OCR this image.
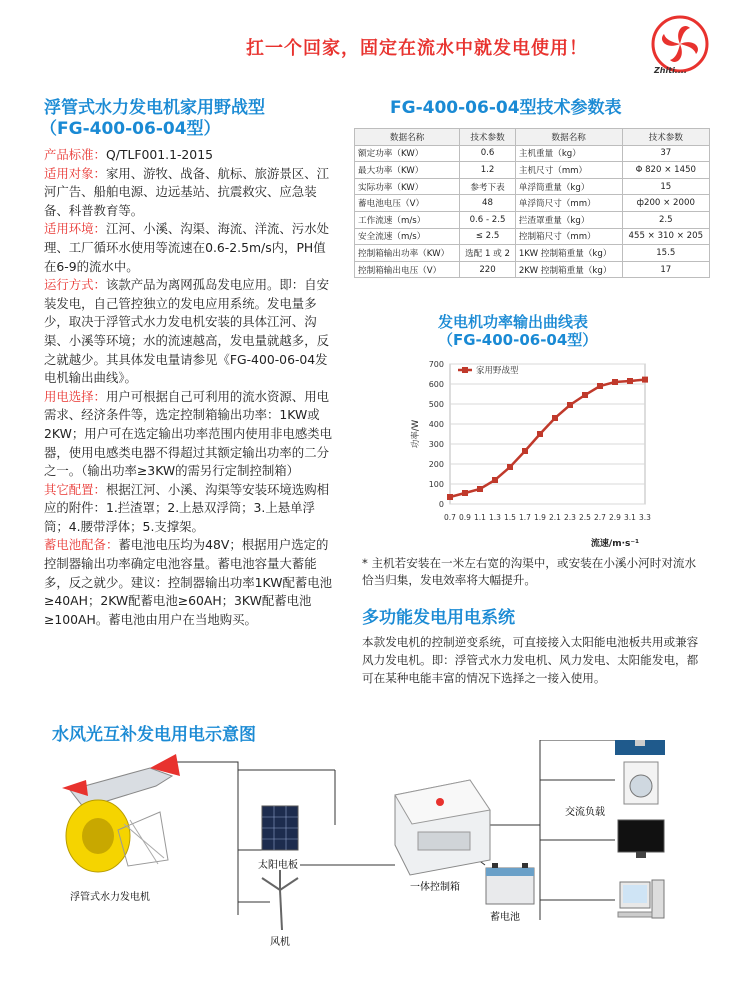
扛一个回家，固定在流水中就发电使用！
Zhiti....
浮管式水力发电机家用野战型
（FG-400-06-04型）

产品标准：Q/TLF001.1-2015

适用对象：家用、游牧、战备、航标、旅游景区、江河广告、船舶电源、边远基站、抗震救灾、应急装备、科普教育等。

适用环境：江河、小溪、沟渠、海流、洋流、污水处理、工厂循环水使用等流速在0.6-2.5m/s内，PH值在6-9的流水中。

运行方式：该款产品为离网孤岛发电应用。即：自安装发电，自己管控独立的发电应用系统。发电量多少，取决于浮管式水力发电机安装的具体江河、沟渠、小溪等环境；水的流速越高，发电量就越多，反之就越少。其具体发电量请参见《FG-400-06-04发电机输出曲线》。

用电选择：用户可根据自己可利用的流水资源、用电需求、经济条件等，选定控制箱输出功率：1KW或2KW；用户可在选定输出功率范围内使用非电感类电器，使用电感类电器不得超过其额定输出功率的二分之一。（输出功率≥3KW的需另行定制控制箱）

其它配置：根据江河、小溪、沟渠等安装环境选购相应的附件：1.拦渣罩；2.上悬双浮筒；3.上悬单浮筒；4.腰带浮体；5.支撑架。

蓄电池配备：蓄电池电压均为48V；根据用户选定的控制器输出功率确定电池容量。蓄电池容量大蓄能多，反之就少。建议：控制器输出功率1KW配蓄电池≥40AH；2KW配蓄电池≥60AH；3KW配蓄电池≥100AH。蓄电池由用户在当地购买。

FG-400-06-04型技术参数表
数据名称	技术参数	数据名称	技术参数
额定功率（KW）	0.6	主机重量（kg）	37
最大功率（KW）	1.2	主机尺寸（mm）	Φ 820 × 1450
实际功率（KW）	参考下表	单浮筒重量（kg）	15
蓄电池电压（V）	48	单浮筒尺寸（mm）	ф200 × 2000
工作流速（m/s）	0.6 - 2.5	拦渣罩重量（kg）	2.5
安全流速（m/s）	≤ 2.5	控制箱尺寸（mm）	455 × 310 × 205
控制箱输出功率（KW）	选配 1 或 2	1KW 控制箱重量（kg）	15.5
控制箱输出电压（V）	220	2KW 控制箱重量（kg）	17
发电机功率输出曲线表
（FG-400-06-04型）
0
100
200
300
400
500
600
700
0.7 0.9 1.1 1.3 1.5 1.7 1.9 2.1 2.3 2.5 2.7 2.9 3.1 3.3
家用野战型
功率/W
流速/m·s⁻¹
* 主机若安装在一米左右宽的沟渠中，或安装在小溪小河时对流水恰当归集，发电效率将大幅提升。
多功能发电用电系统
本款发电机的控制逆变系统，可直接接入太阳能电池板共用或兼容风力发电机。即：浮管式水力发电机、风力发电、太阳能发电，都可在某种电能丰富的情况下选择之一接入使用。
水风光互补发电用电示意图
浮管式水力发电机
太阳电板
风机
一体控制箱
蓄电池
交流负载
